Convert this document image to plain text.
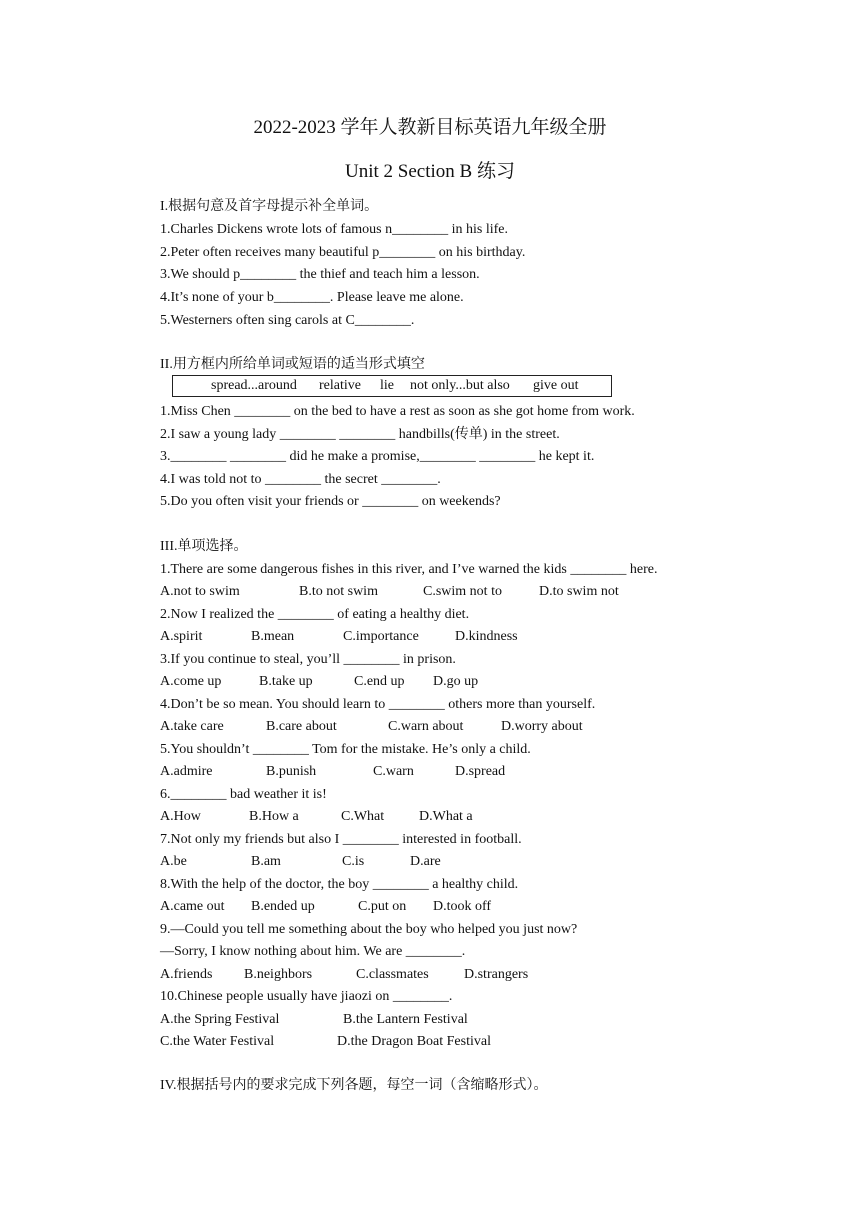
2022-2023 学年人教新目标英语九年级全册
Unit 2 Section B 练习
I.根据句意及首字母提示补全单词。
1.Charles Dickens wrote lots of famous n________ in his life.
2.Peter often receives many beautiful p________ on his birthday.
3.We should p________ the thief and teach him a lesson.
4.It’s none of your b________. Please leave me alone.
5.Westerners often sing carols at C________.
II.用方框内所给单词或短语的适当形式填空
spread...around relative lie not only...but also give out
1.Miss Chen ________ on the bed to have a rest as soon as she got home from work.
2.I saw a young lady ________ ________ handbills(传单) in the street.
3.________ ________ did he make a promise,________ ________ he kept it.
4.I was told not to ________ the secret ________.
5.Do you often visit your friends or ________ on weekends?
III.单项选择。
1.There are some dangerous fishes in this river, and I’ve warned the kids ________ here.
A.not to swim	B.to not swim	C.swim not to	D.to swim not
2.Now I realized the ________ of eating a healthy diet.
A.spirit	B.mean	C.importance	D.kindness
3.If you continue to steal, you’ll ________ in prison.
A.come up	B.take up	C.end up D.go up
4.Don’t be so mean. You should learn to ________ others more than yourself.
A.take care	B.care about	C.warn about	D.worry about
5.You shouldn’t ________ Tom for the mistake. He’s only a child.
A.admire	B.punish	C.warn	D.spread
6.________ bad weather it is!
A.How	B.How a	C.What D.What a
7.Not only my friends but also I ________ interested in football.
A.be	B.am	C.is	D.are
8.With the help of the doctor, the boy ________ a healthy child.
A.came out B.ended up	C.put on D.took off
9.—Could you tell me something about the boy who helped you just now?
—Sorry, I know nothing about him. We are ________.
A.friends B.neighbors	C.classmates	D.strangers
10.Chinese people usually have jiaozi on ________.
A.the Spring Festival	B.the Lantern Festival
C.the Water Festival	D.the Dragon Boat Festival
IV.根据括号内的要求完成下列各题，每空一词（含缩略形式）。
